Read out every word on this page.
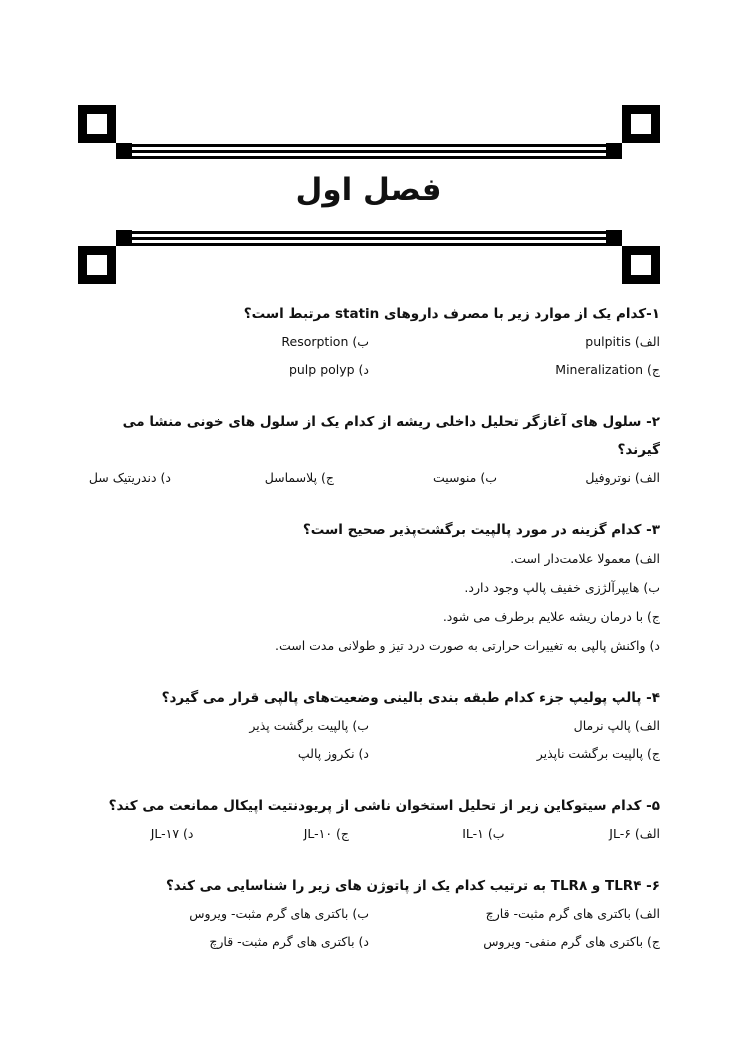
فصل اول
۱-کدام یک از موارد زیر با مصرف داروهای statin مرتبط است؟
الف) pulpitis
ب) Resorption
ج) Mineralization
د) pulp polyp
۲- سلول های آغازگر تحلیل داخلی ریشه از کدام یک از سلول های خونی منشا می گیرند؟
الف) نوتروفیل
ب) منوسیت
ج) پلاسماسل
د) دندریتیک سل
۳- کدام گزینه در مورد پالپیت برگشت‌پذیر صحیح است؟
الف) معمولا علامت‌دار است.
ب) هایپرآلژزی خفیف پالپ وجود دارد.
ج) با درمان ریشه علایم برطرف می شود.
د) واکنش پالپی به تغییرات حرارتی به صورت درد تیز و طولانی مدت است.
۴- پالپ پولیپ جزء کدام طبقه بندی بالینی وضعیت‌های پالپی قرار می گیرد؟
الف) پالپ نرمال
ب) پالپیت برگشت پذیر
ج) پالپیت برگشت ناپذیر
د) نکروز پالپ
۵- کدام سیتوکاین زیر از تحلیل استخوان ناشی از پریودنتیت اپیکال ممانعت می کند؟
الف) JL-۶
ب) IL-۱
ج) JL-۱۰
د) JL-۱۷
۶- TLR۴ و TLR۸ به ترتیب کدام یک از پاتوژن های زیر را شناسایی می کند؟
الف) باکتری های گرم مثبت- قارچ
ب) باکتری های گرم مثبت- ویروس
ج) باکتری های گرم منفی- ویروس
د) باکتری های گرم مثبت- قارچ
